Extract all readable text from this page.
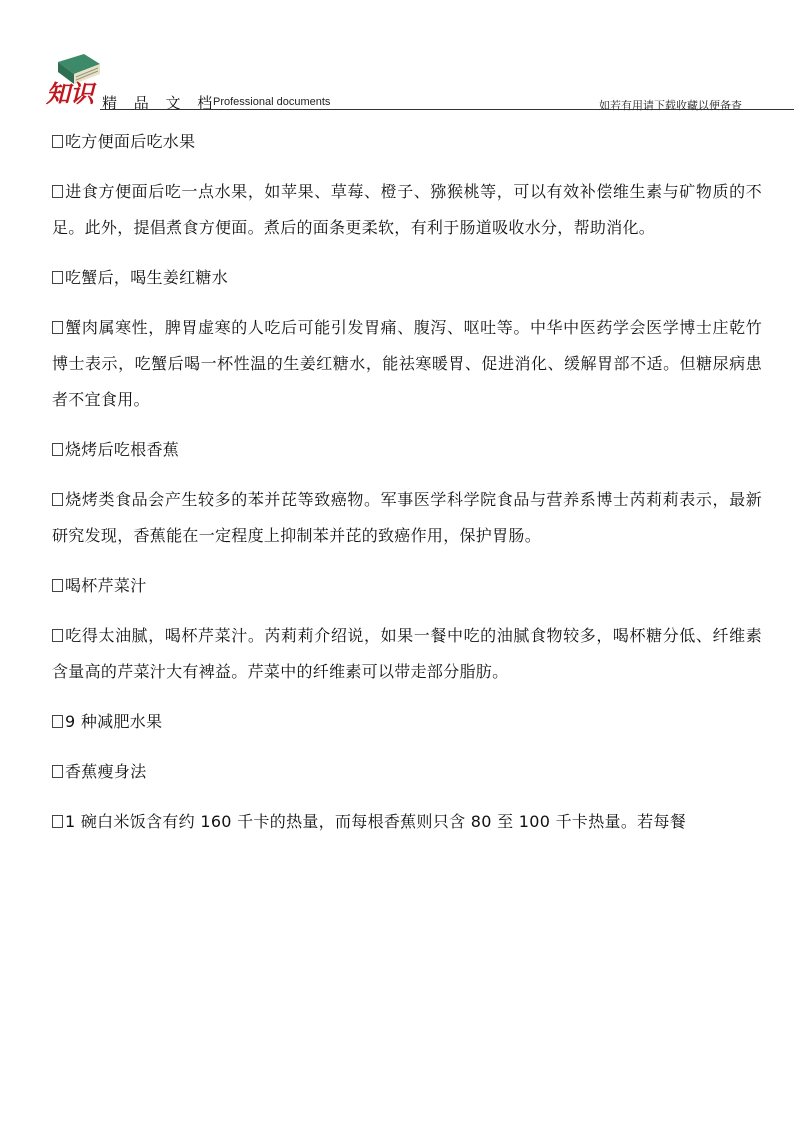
知识 精 品 文 档
Professional documents	如若有用请下载收藏以便备查

吃方便面后吃水果

进食方便面后吃一点水果，如苹果、草莓、橙子、猕猴桃等，可以有效补偿维生素与矿物质的不足。此外，提倡煮食方便面。煮后的面条更柔软，有利于肠道吸收水分，帮助消化。

吃蟹后，喝生姜红糖水

蟹肉属寒性，脾胃虚寒的人吃后可能引发胃痛、腹泻、呕吐等。中华中医药学会医学博士庄乾竹博士表示，吃蟹后喝一杯性温的生姜红糖水，能祛寒暖胃、促进消化、缓解胃部不适。但糖尿病患者不宜食用。

烧烤后吃根香蕉

烧烤类食品会产生较多的苯并芘等致癌物。军事医学科学院食品与营养系博士芮莉莉表示，最新研究发现，香蕉能在一定程度上抑制苯并芘的致癌作用，保护胃肠。

喝杯芹菜汁

吃得太油腻，喝杯芹菜汁。芮莉莉介绍说，如果一餐中吃的油腻食物较多，喝杯糖分低、纤维素含量高的芹菜汁大有裨益。芹菜中的纤维素可以带走部分脂肪。

9 种减肥水果

香蕉瘦身法

1 碗白米饭含有约 160 千卡的热量，而每根香蕉则只含 80 至 100 千卡热量。若每餐
